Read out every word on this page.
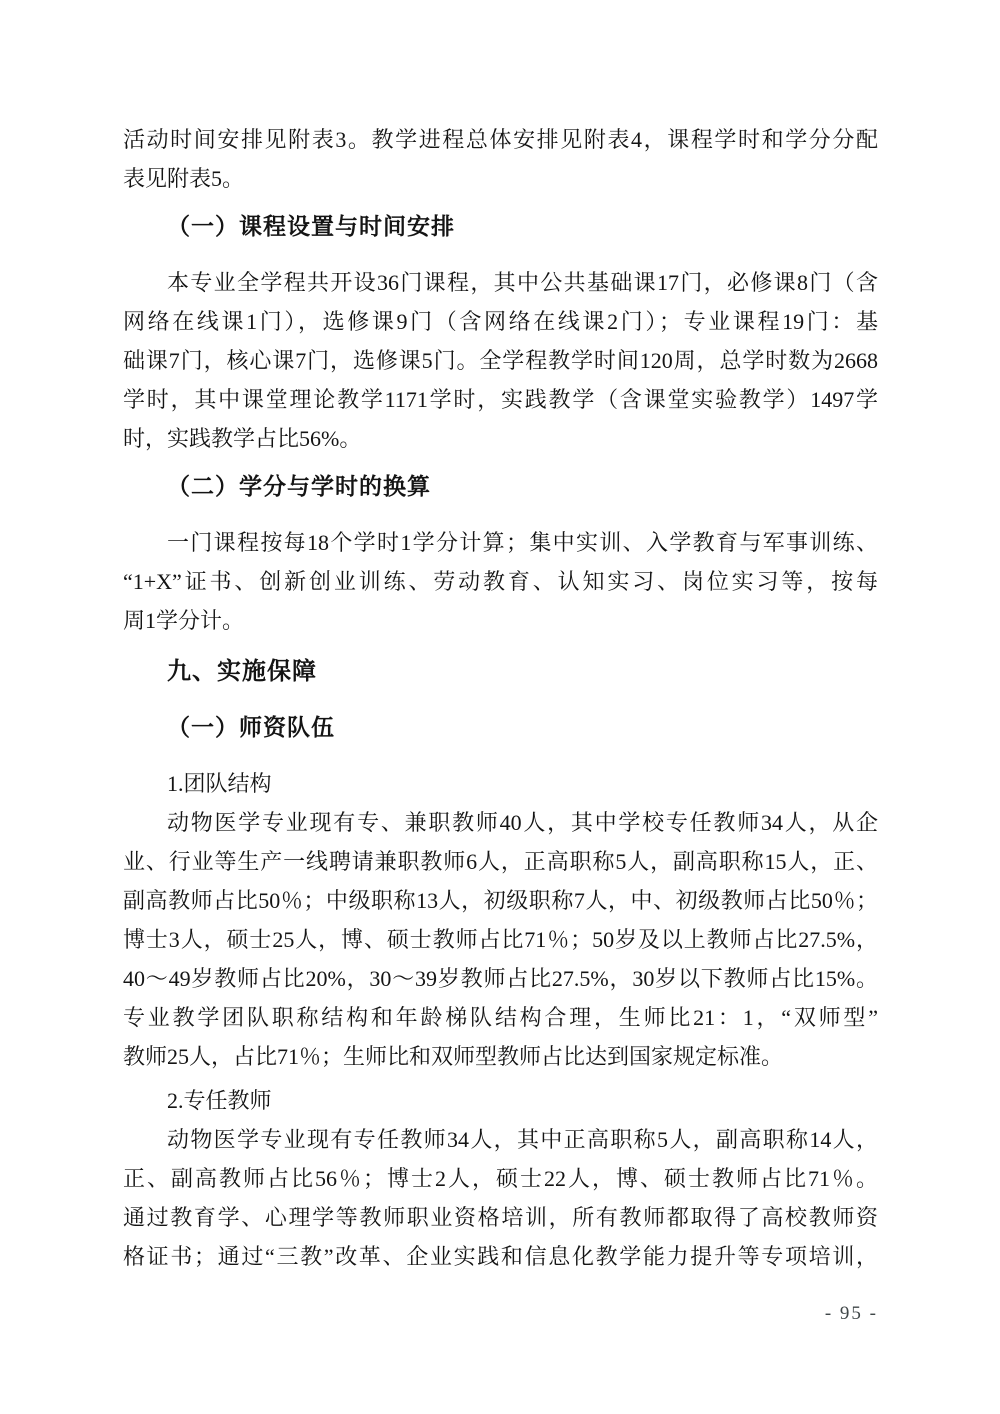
活动时间安排见附表3。教学进程总体安排见附表4，课程学时和学分分配
表见附表5。
（一）课程设置与时间安排
本专业全学程共开设36门课程，其中公共基础课17门，必修课8门（含
网络在线课1门），选修课9门（含网络在线课2门）；专业课程19门：基
础课7门，核心课7门，选修课5门。全学程教学时间120周，总学时数为2668
学时，其中课堂理论教学1171学时，实践教学（含课堂实验教学）1497学
时，实践教学占比56%。
（二）学分与学时的换算
一门课程按每18个学时1学分计算；集中实训、入学教育与军事训练、
“1+X”证书、创新创业训练、劳动教育、认知实习、岗位实习等，按每
周1学分计。
九、实施保障
（一）师资队伍
1.团队结构
动物医学专业现有专、兼职教师40人，其中学校专任教师34人，从企
业、行业等生产一线聘请兼职教师6人，正高职称5人，副高职称15人，正、
副高教师占比50％；中级职称13人，初级职称7人，中、初级教师占比50％；
博士3人，硕士25人，博、硕士教师占比71％；50岁及以上教师占比27.5%，
40～49岁教师占比20%，30～39岁教师占比27.5%，30岁以下教师占比15%。
专业教学团队职称结构和年龄梯队结构合理，生师比21：1，“双师型”
教师25人，占比71％；生师比和双师型教师占比达到国家规定标准。
2.专任教师
动物医学专业现有专任教师34人，其中正高职称5人，副高职称14人，
正、副高教师占比56％；博士2人，硕士22人，博、硕士教师占比71％。
通过教育学、心理学等教师职业资格培训，所有教师都取得了高校教师资
格证书；通过“三教”改革、企业实践和信息化教学能力提升等专项培训，
- 95 -
